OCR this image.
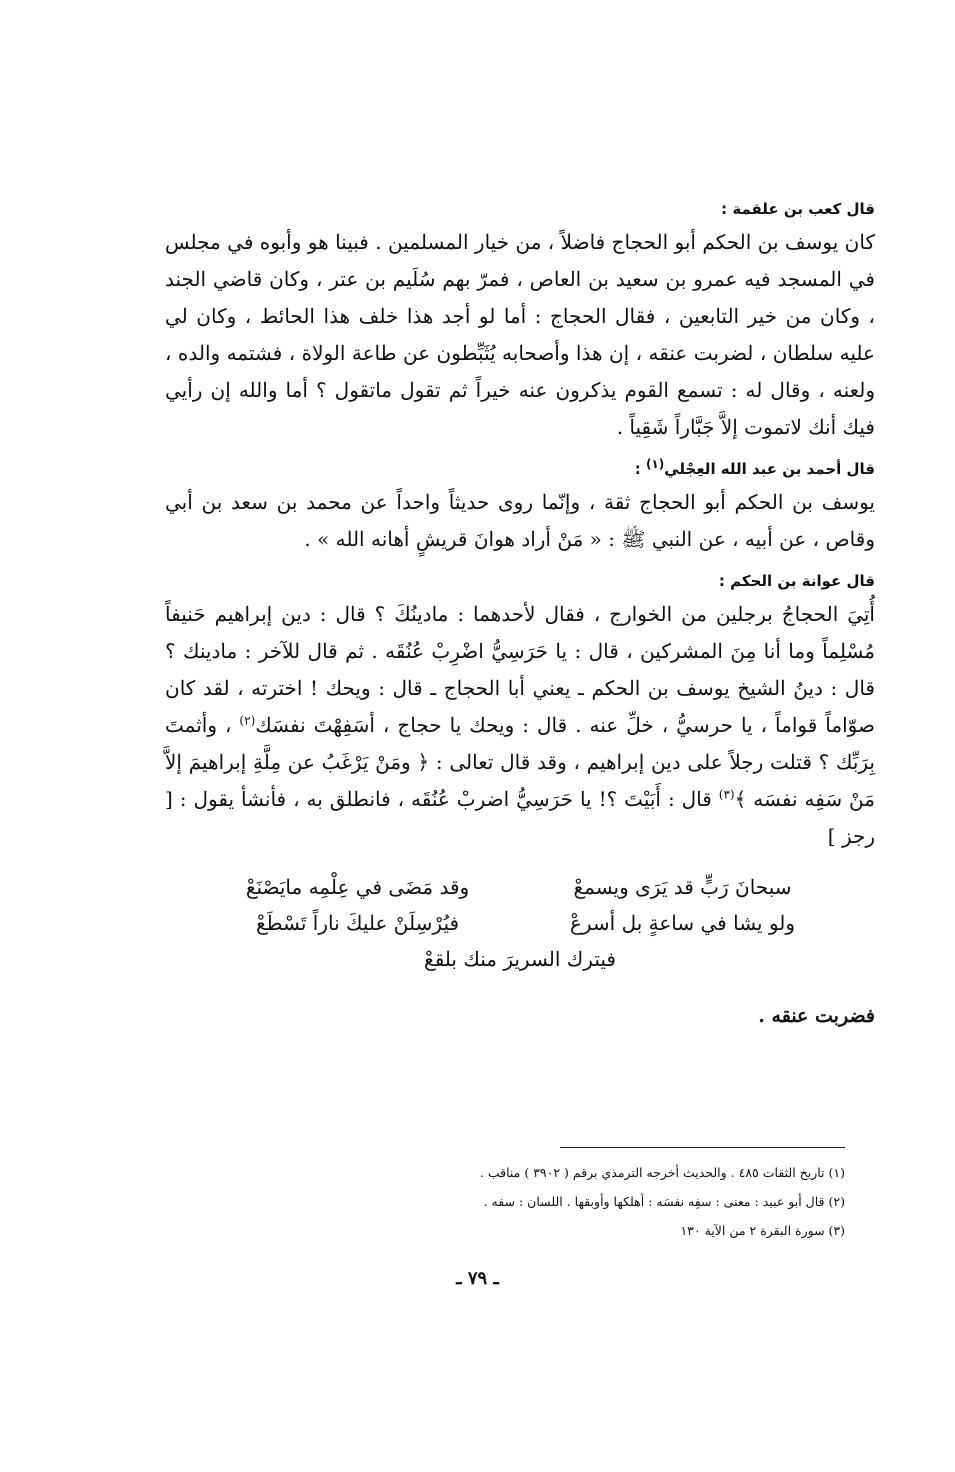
قال كعب بن علقمة :

كان يوسف بن الحكم أبو الحجاج فاضلاً ، من خيار المسلمين . فبينا هو وأبوه في مجلس في المسجد فيه عمرو بن سعيد بن العاص ، فمرّ بهم سُلَيم بن عتر ، وكان قاضي الجند ، وكان من خير التابعين ، فقال الحجاج : أما لو أجد هذا خلف هذا الحائط ، وكان لي عليه سلطان ، لضربت عنقه ، إن هذا وأصحابه يُثَبِّطون عن طاعة الولاة ، فشتمه والده ، ولعنه ، وقال له : تسمع القوم يذكرون عنه خيراً ثم تقول ماتقول ؟ أما والله إن رأيي فيك أنك لاتموت إلاَّ جَبَّاراً شَقِياً .

قال أحمد بن عبد الله العِجْلي$^{(١)}$ :

يوسف بن الحكم أبو الحجاج ثقة ، وإنّما روى حديثاً واحداً عن محمد بن سعد بن أبي وقاص ، عن أبيه ، عن النبي ﷺ : « مَنْ أراد هوانَ قريشٍ أهانه الله » .

قال عوانة بن الحكم :

أُتِيَ الحجاجُ برجلين من الخوارج ، فقال لأحدهما : مادينُكَ ؟ قال : دين إبراهيم حَنيفاً مُسْلِماً وما أنا مِنَ المشركين ، قال : يا حَرَسِيُّ اضْرِبْ عُنُقَه . ثم قال للآخر : مادينك ؟ قال : دينُ الشيخ يوسف بن الحكم ـ يعني أبا الحجاج ـ قال : ويحك ! اخترته ، لقد كان صوّاماً قواماً ، يا حرسيُّ ، خلِّ عنه . قال : ويحك يا حجاج ، أسَفِهْتَ نفسَك$^{(٢)}$ ، وأثمتَ بِرَبِّك ؟ قتلت رجلاً على دين إبراهيم ، وقد قال تعالى : ﴿ ومَنْ يَرْغَبُ عن مِلَّةِ إبراهيمَ إلاَّ مَنْ سَفِه نفسَه ﴾$^{(٣)}$ قال : أَبَيْتَ ؟! يا حَرَسِيُّ اضربْ عُنُقَه ، فانطلق به ، فأنشأ يقول : [ رجز ]

سبحانَ رَبٍّ قد يَرَى ويسمعْ
وقد مَضَى في عِلْمِه مايَصْنَعْ
ولو يشا في ساعةٍ بل أسرعْ
فيُرْسِلَنْ عليكَ ناراً تَسْطَعْ
فيترك السريرَ منك بلقعْ
فضربت عنقه .
(١) تاريخ الثقات ٤٨٥ . والحديث أخرجه الترمذي برقم ( ٣٩٠٢ ) مناقب .
(٢) قال أبو عبيد : معنى : سفِه نفسَه : أهلكها وأوبقها . اللسان : سفه .
(٣) سورة البقرة ٢ من الآية ١٣٠
ـ ٧٩ ـ
